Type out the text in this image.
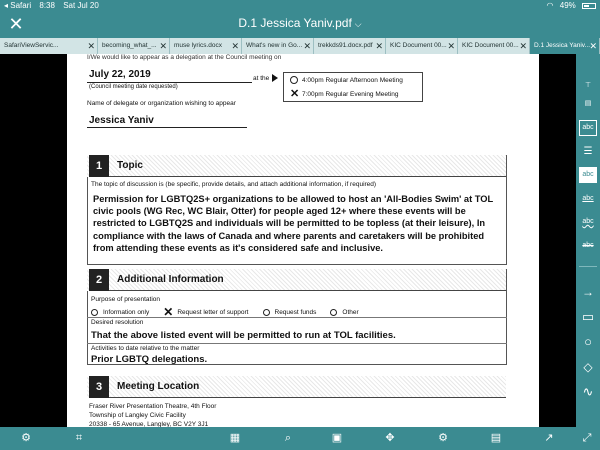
◂ Safari 8:38 Sat Jul 20	◠ 49%
✕	D.1 Jessica Yaniv.pdf ⌵
SafariViewServic...	✕	becoming_what_... ✕	muse lyrics.docx ✕	What's new in Go... ✕	trekkds91.docx.pdf ✕	KIC Document 00... ✕	KIC Document 00... ✕	D.1 Jessica Yaniv... ✕
I/We would like to appear as a delegation at the Council meeting on
July 22, 2019
(Council meeting date requested)
at the	4:00pm Regular Afternoon Meeting
✕ 7:00pm Regular Evening Meeting
Name of delegate or organization wishing to appear
Jessica Yaniv
1	Topic
The topic of discussion is (be specific, provide details, and attach additional information, if required)
Permission for LGBTQ2S+ organizations to be allowed to host an 'All-Bodies Swim' at TOL civic pools (WG Rec, WC Blair, Otter) for people aged 12+ where these events will be restricted to LGBTQ2S and individuals will be permitted to be topless (at their leisure), In compliance with the laws of Canada and where parents and caretakers will be prohibited from attending these events as it's considered safe and inclusive.
2	Additional Information
Purpose of presentation
Information only ✕ Request letter of support	Request funds	Other
Desired resolution
That the above listed event will be permitted to run at TOL facilities.
Activities to date relative to the matter
Prior LGBTQ delegations.
3	Meeting Location
Fraser River Presentation Theatre, 4th Floor
Township of Langley Civic Facility
20338 - 65 Avenue, Langley, BC V2Y 3J1
⊤
▤
abc
☰
abc
abc
abc
abc
→
▭
○
◇
∿
⚙	⌗	▦	⌕	▣	✥	⚙	▤	↗	⤢
